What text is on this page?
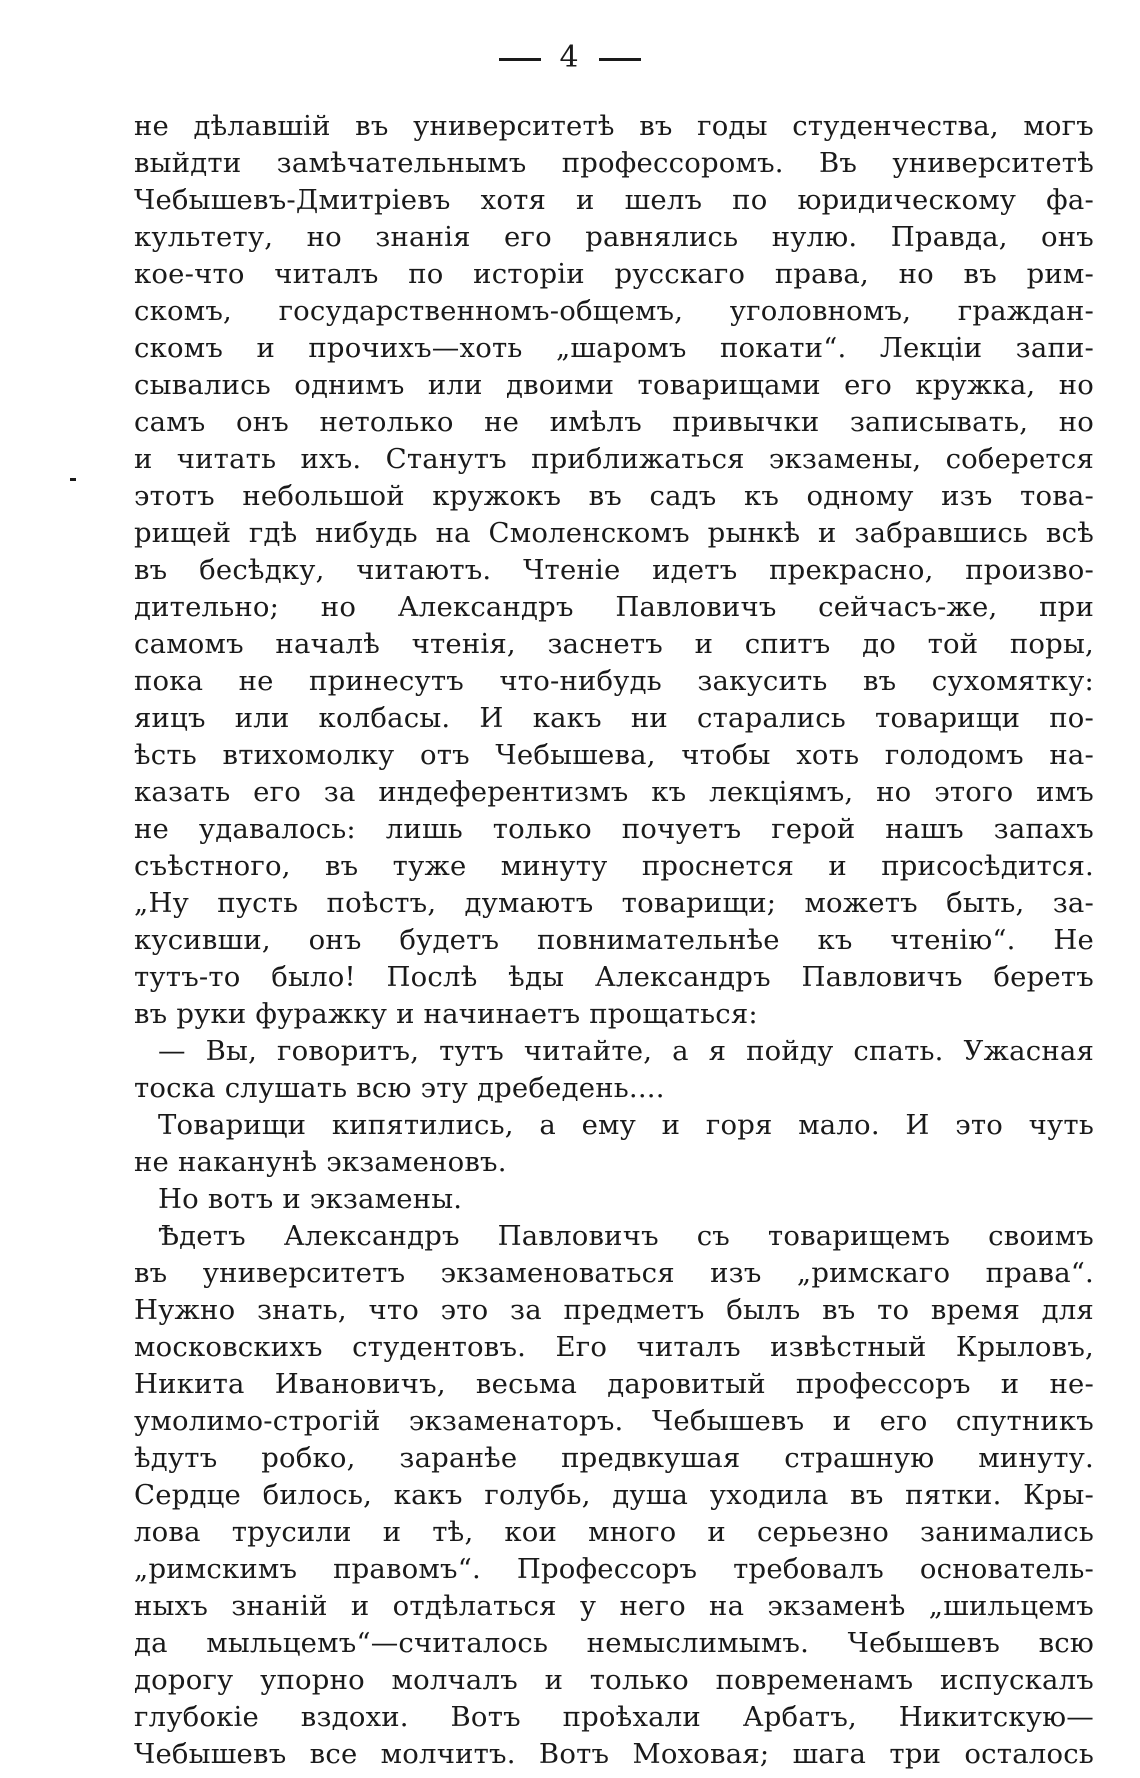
4
не дѣлавшій въ университетѣ въ годы студенчества, могъ
выйдти замѣчательнымъ профессоромъ. Въ университетѣ
Чебышевъ-Дмитріевъ хотя и шелъ по юридическому фа-
культету, но знанія его равнялись нулю. Правда, онъ
кое-что читалъ по исторіи русскаго права, но въ рим-
скомъ, государственномъ-общемъ, уголовномъ, граждан-
скомъ и прочихъ—хоть „шаромъ покати“. Лекціи запи-
сывались однимъ или двоими товарищами его кружка, но
самъ онъ нетолько не имѣлъ привычки записывать, но
и читать ихъ. Станутъ приближаться экзамены, соберется
этотъ небольшой кружокъ въ садъ къ одному изъ това-
рищей гдѣ нибудь на Смоленскомъ рынкѣ и забравшись всѣ
въ бесѣдку, читаютъ. Чтеніе идетъ прекрасно, произво-
дительно; но Александръ Павловичъ сейчасъ-же, при
самомъ началѣ чтенія, заснетъ и спитъ до той поры,
пока не принесутъ что-нибудь закусить въ сухомятку:
яицъ или колбасы. И какъ ни старались товарищи по-
ѣсть втихомолку отъ Чебышева, чтобы хоть голодомъ на-
казать его за индеферентизмъ къ лекціямъ, но этого имъ
не удавалось: лишь только почуетъ герой нашъ запахъ
съѣстного, въ туже минуту проснется и присосѣдится.
„Ну пусть поѣстъ, думаютъ товарищи; можетъ быть, за-
кусивши, онъ будетъ повнимательнѣе къ чтенію“. Не
тутъ-то было! Послѣ ѣды Александръ Павловичъ беретъ
въ руки фуражку и начинаетъ прощаться:
— Вы, говоритъ, тутъ читайте, а я пойду спать. Ужасная
тоска слушать всю эту дребедень....
Товарищи кипятились, а ему и горя мало. И это чуть
не наканунѣ экзаменовъ.
Но вотъ и экзамены.
Ѣдетъ Александръ Павловичъ съ товарищемъ своимъ
въ университетъ экзаменоваться изъ „римскаго права“.
Нужно знать, что это за предметъ былъ въ то время для
московскихъ студентовъ. Его читалъ извѣстный Крыловъ,
Никита Ивановичъ, весьма даровитый профессоръ и не-
умолимо-строгій экзаменаторъ. Чебышевъ и его спутникъ
ѣдутъ робко, заранѣе предвкушая страшную минуту.
Сердце билось, какъ голубь, душа уходила въ пятки. Кры-
лова трусили и тѣ, кои много и серьезно занимались
„римскимъ правомъ“. Профессоръ требовалъ основатель-
ныхъ знаній и отдѣлаться у него на экзаменѣ „шильцемъ
да мыльцемъ“—считалось немыслимымъ. Чебышевъ всю
дорогу упорно молчалъ и только повременамъ испускалъ
глубокіе вздохи. Вотъ проѣхали Арбатъ, Никитскую—
Чебышевъ все молчитъ. Вотъ Моховая; шага три осталось
